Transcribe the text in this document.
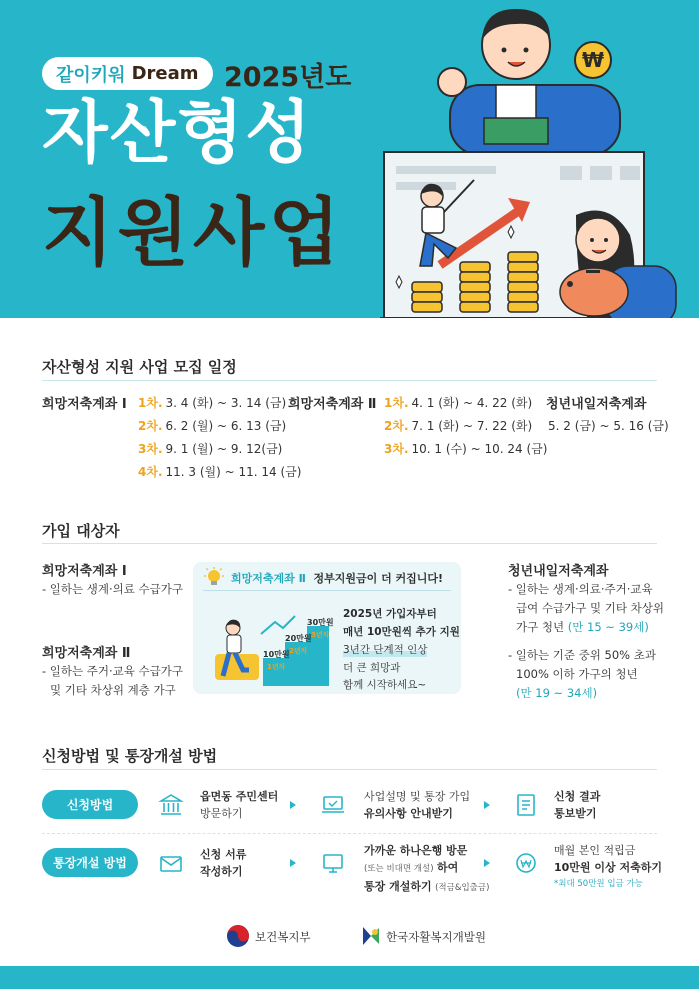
같이키워 Dream 2025년도
자산형성
지원사업
₩
자산형성 지원 사업 모집 일정
희망저축계좌 Ⅰ 1차. 3. 4 (화) ~ 3. 14 (금)
2차. 6. 2 (월) ~ 6. 13 (금)
3차. 9. 1 (월) ~ 9. 12(금)
4차. 11. 3 (월) ~ 11. 14 (금)
희망저축계좌 Ⅱ 1차. 4. 1 (화) ~ 4. 22 (화)
2차. 7. 1 (화) ~ 7. 22 (화)
3차. 10. 1 (수) ~ 10. 24 (금)
청년내일저축계좌
5. 2 (금) ~ 5. 16 (금)
가입 대상자
희망저축계좌 Ⅰ
- 일하는 생계·의료 수급가구
희망저축계좌 Ⅱ
- 일하는 주거·교육 수급가구
및 기타 차상위 계층 가구
희망저축계좌 Ⅱ 정부지원금이 더 커집니다!
10만원
1년차
20만원
2년차
30만원
3년차
2025년 가입자부터
매년 10만원씩 추가 지원
3년간 단계적 인상
더 큰 희망과
함께 시작하세요~
청년내일저축계좌
- 일하는 생계·의료·주거·교육
급여 수급가구 및 기타 차상위
가구 청년 (만 15 ~ 39세)
- 일하는 기준 중위 50% 초과
100% 이하 가구의 청년
(만 19 ~ 34세)
신청방법 및 통장개설 방법
신청방법
읍면동 주민센터
방문하기
사업설명 및 통장 가입
유의사항 안내받기
신청 결과
통보받기
통장개설 방법
신청 서류
작성하기
가까운 하나은행 방문
(또는 비대면 개설) 하여
통장 개설하기 (적금&입출금)
매월 본인 적립금
10만원 이상 저축하기
*최대 50만원 입금 가능
보건복지부	한국자활복지개발원
